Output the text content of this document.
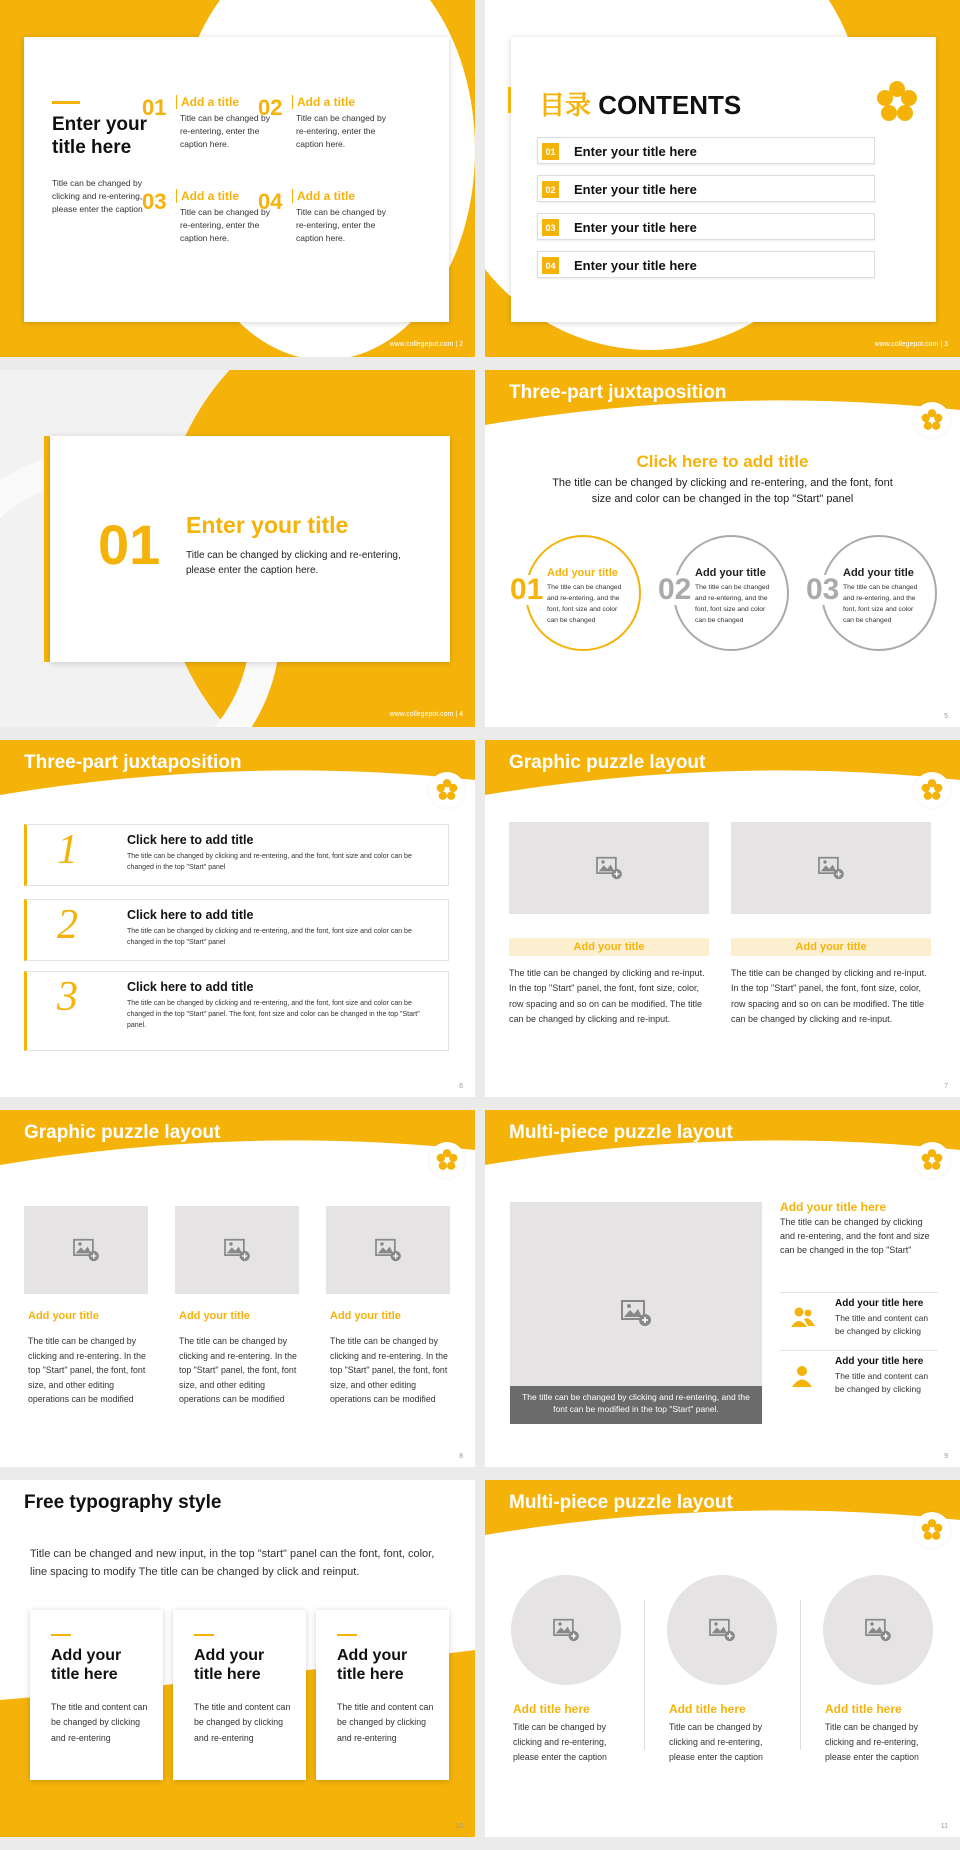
Enter your title here
Title can be changed by clicking and re-entering, please enter the caption
01	Add a title
Title can be changed by re-entering, enter the caption here.
02	Add a title
Title can be changed by re-entering, enter the caption here.
03	Add a title
Title can be changed by re-entering, enter the caption here.
04	Add a title
Title can be changed by re-entering, enter the caption here.
www.collegepot.com | 2
目录 CONTENTS
01 Enter your title here
02 Enter your title here
03 Enter your title here
04 Enter your title here
www.collegepot.com | 3
01 Enter your title
Title can be changed by clicking and re-entering, please enter the caption here.
www.collegepot.com | 4
Three-part juxtaposition
Click here to add title
The title can be changed by clicking and re-entering, and the font, font size and color can be changed in the top "Start" panel
01 Add your title
The title can be changed and re-entering, and the font, font size and color can be changed
02 Add your title
The title can be changed and re-entering, and the font, font size and color can be changed
03 Add your title
The title can be changed and re-entering, and the font, font size and color can be changed
5
Three-part juxtaposition
1	Click here to add title
The title can be changed by clicking and re-entering, and the font, font size and color can be changed in the top "Start" panel
2	Click here to add title
The title can be changed by clicking and re-entering, and the font, font size and color can be changed in the top "Start" panel
3	Click here to add title
The title can be changed by clicking and re-entering, and the font, font size and color can be changed in the top "Start" panel. The font, font size and color can be changed in the top "Start" panel.
6
Graphic puzzle layout
Add your title
The title can be changed by clicking and re-input. In the top "Start" panel, the font, font size, color, row spacing and so on can be modified. The title can be changed by clicking and re-input.
Add your title
The title can be changed by clicking and re-input. In the top "Start" panel, the font, font size, color, row spacing and so on can be modified. The title can be changed by clicking and re-input.
7
Graphic puzzle layout
Add your title
The title can be changed by clicking and re-entering. In the top "Start" panel, the font, font size, and other editing operations can be modified
Add your title
The title can be changed by clicking and re-entering. In the top "Start" panel, the font, font size, and other editing operations can be modified
Add your title
The title can be changed by clicking and re-entering. In the top "Start" panel, the font, font size, and other editing operations can be modified
8
Multi-piece puzzle layout
The title can be changed by clicking and re-entering, and the font can be modified in the top "Start" panel.
Add your title here
The title can be changed by clicking and re-entering, and the font and size can be changed in the top "Start"
Add your title here
The title and content can be changed by clicking
Add your title here
The title and content can be changed by clicking
9
Free typography style
Title can be changed and new input, in the top "start" panel can the font, font, color, line spacing to modify The title can be changed by click and reinput.
Add your title here
The title and content can be changed by clicking and re-entering
Add your title here
The title and content can be changed by clicking and re-entering
Add your title here
The title and content can be changed by clicking and re-entering
10
Multi-piece puzzle layout
Add title here
Title can be changed by clicking and re-entering, please enter the caption
Add title here
Title can be changed by clicking and re-entering, please enter the caption
Add title here
Title can be changed by clicking and re-entering, please enter the caption
11
